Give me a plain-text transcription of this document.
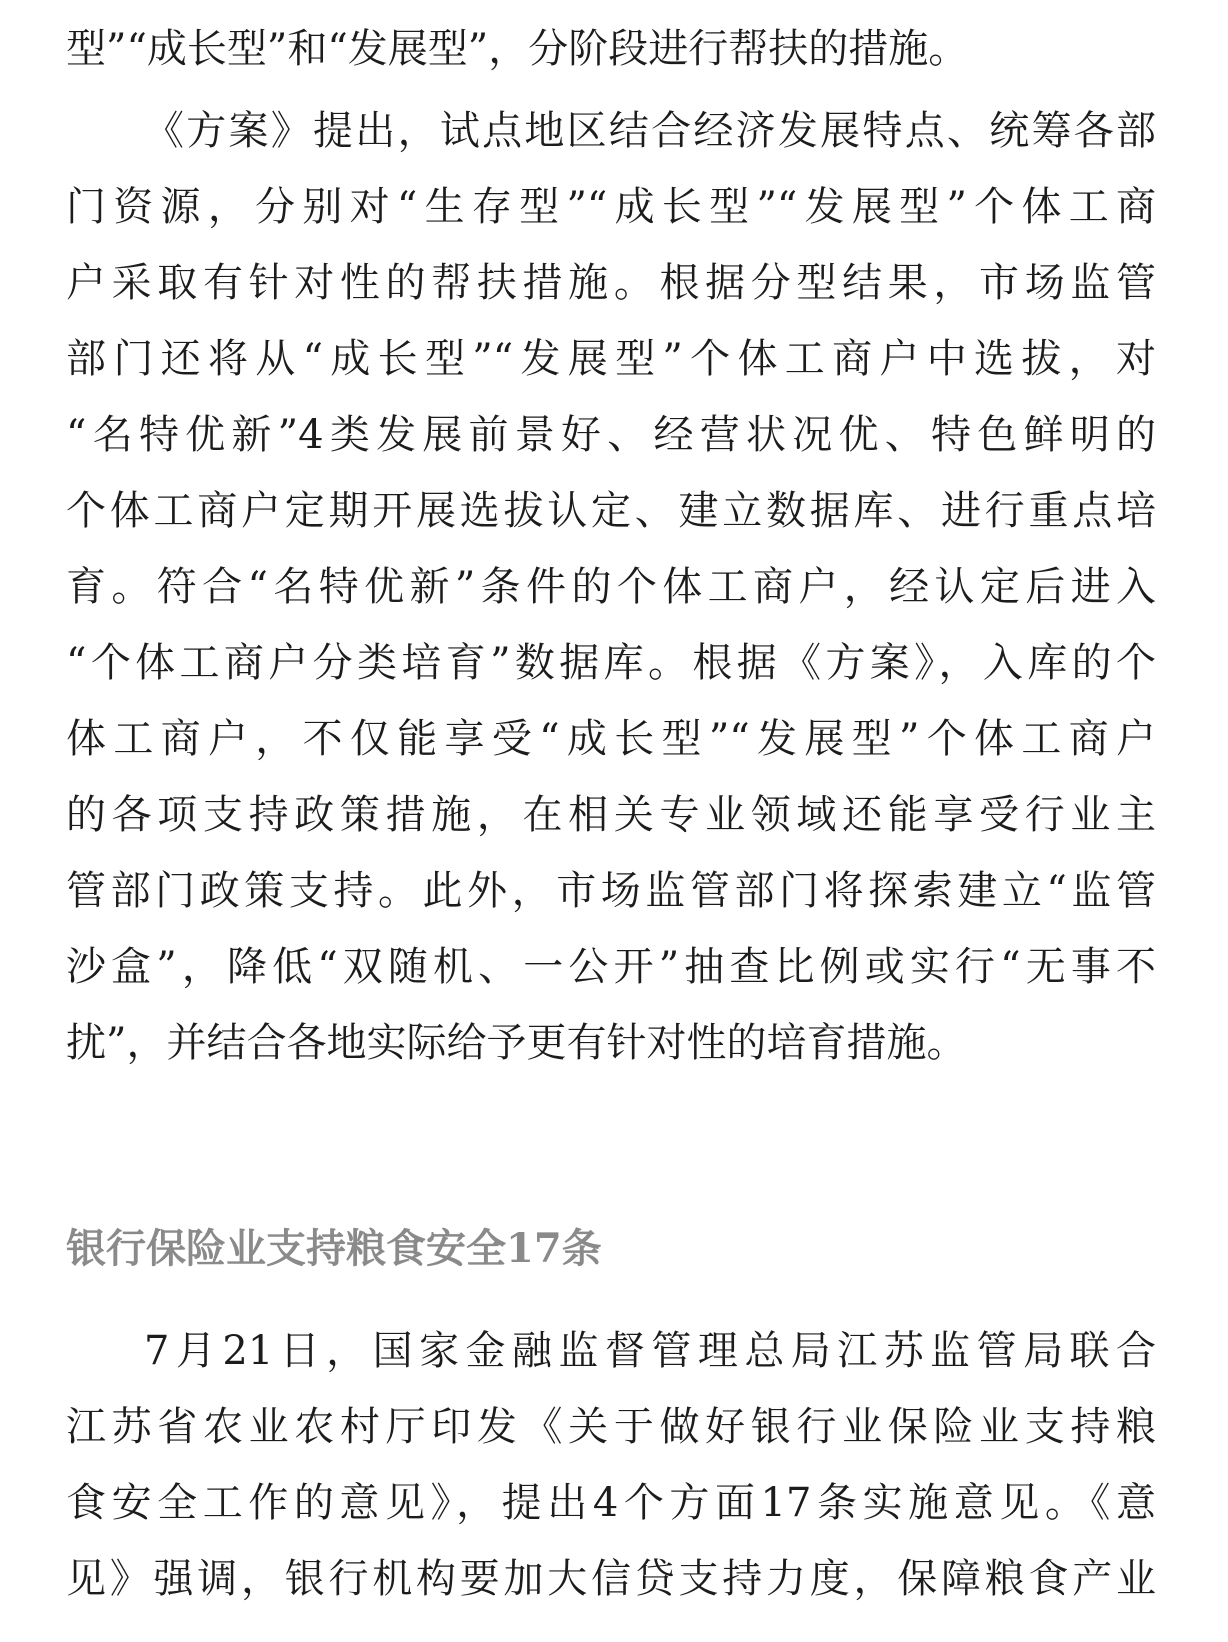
型”“成长型”和“发展型”，分阶段进行帮扶的措施。
《方案》提出，试点地区结合经济发展特点、统筹各部
门资源，分别对“生存型”“成长型”“发展型”个体工商
户采取有针对性的帮扶措施。根据分型结果，市场监管
部门还将从“成长型”“发展型”个体工商户中选拔，对
“名特优新”4类发展前景好、经营状况优、特色鲜明的
个体工商户定期开展选拔认定、建立数据库、进行重点培
育。符合“名特优新”条件的个体工商户，经认定后进入
“个体工商户分类培育”数据库。根据《方案》，入库的个
体工商户，不仅能享受“成长型”“发展型”个体工商户
的各项支持政策措施，在相关专业领域还能享受行业主
管部门政策支持。此外，市场监管部门将探索建立“监管
沙盒”，降低“双随机、一公开”抽查比例或实行“无事不
扰”，并结合各地实际给予更有针对性的培育措施。
银行保险业支持粮食安全17条
7月21日，国家金融监督管理总局江苏监管局联合
江苏省农业农村厅印发《关于做好银行业保险业支持粮
食安全工作的意见》，提出4个方面17条实施意见。《意
见》强调，银行机构要加大信贷支持力度，保障粮食产业
